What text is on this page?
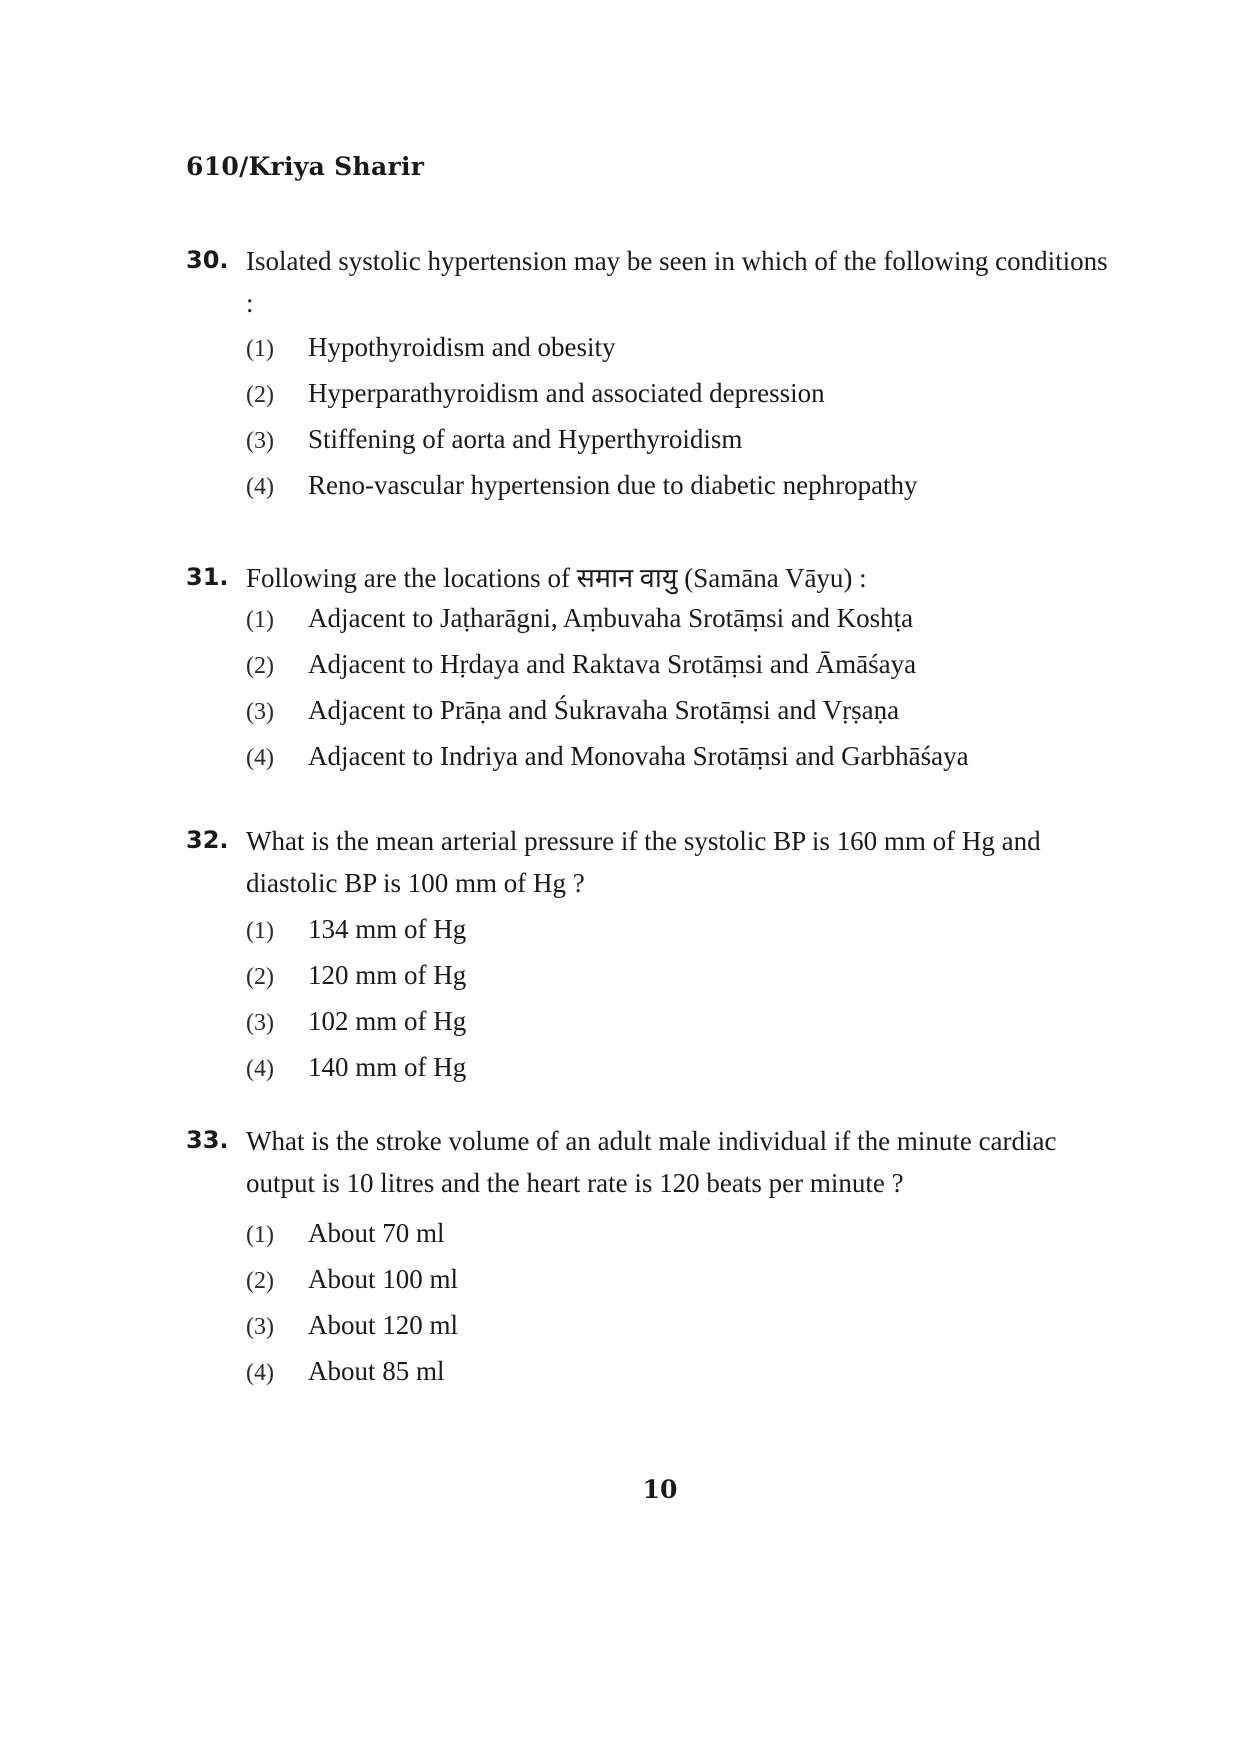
610/Kriya Sharir
30. Isolated systolic hypertension may be seen in which of the following conditions :
(1)	Hypothyroidism and obesity
(2)	Hyperparathyroidism and associated depression
(3)	Stiffening of aorta and Hyperthyroidism
(4)	Reno-vascular hypertension due to diabetic nephropathy
31. Following are the locations of समान वायु (Samāna Vāyu) :
(1)	Adjacent to Jaṭharāgni, Aṃbuvaha Srotāṃsi and Koshṭa
(2)	Adjacent to Hṛdaya and Raktava Srotāṃsi and Āmāśaya
(3)	Adjacent to Prāṇa and Śukravaha Srotāṃsi and Vṛṣaṇa
(4)	Adjacent to Indriya and Monovaha Srotāṃsi and Garbhāśaya
32. What is the mean arterial pressure if the systolic BP is 160 mm of Hg and diastolic BP is 100 mm of Hg ?
(1)	134 mm of Hg
(2)	120 mm of Hg
(3)	102 mm of Hg
(4)	140 mm of Hg
33. What is the stroke volume of an adult male individual if the minute cardiac output is 10 litres and the heart rate is 120 beats per minute ?
(1)	About 70 ml
(2)	About 100 ml
(3)	About 120 ml
(4)	About 85 ml
10
